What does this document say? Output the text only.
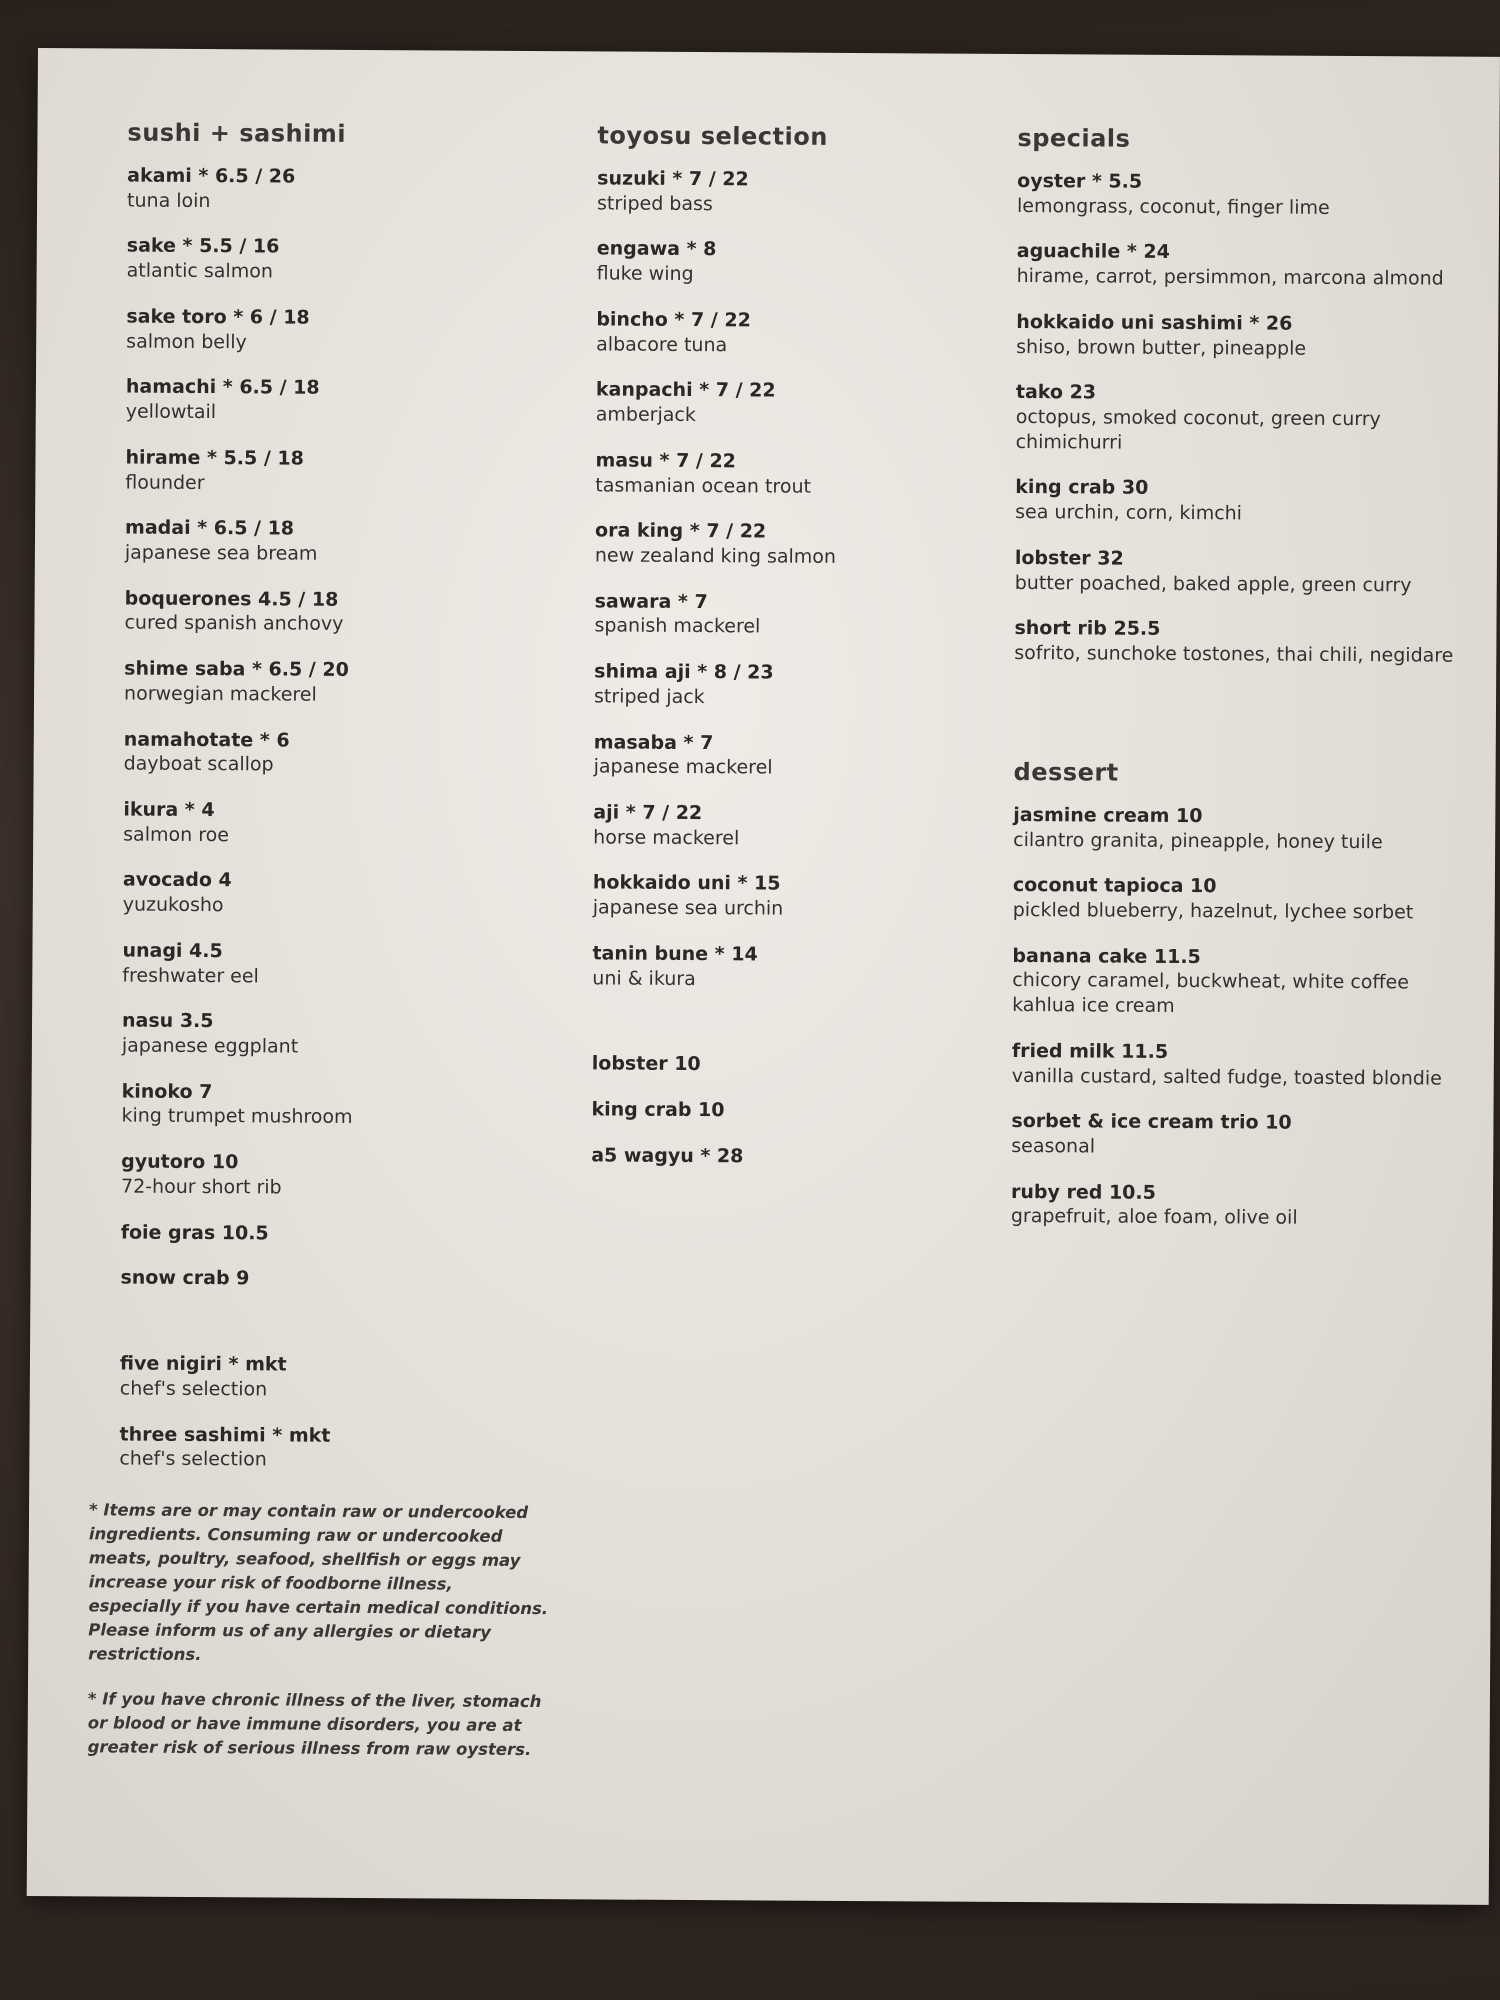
sushi + sashimi
akami * 6.5 / 26
tuna loin
sake * 5.5 / 16
atlantic salmon
sake toro * 6 / 18
salmon belly
hamachi * 6.5 / 18
yellowtail
hirame * 5.5 / 18
flounder
madai * 6.5 / 18
japanese sea bream
boquerones 4.5 / 18
cured spanish anchovy
shime saba * 6.5 / 20
norwegian mackerel
namahotate * 6
dayboat scallop
ikura * 4
salmon roe
avocado 4
yuzukosho
unagi 4.5
freshwater eel
nasu 3.5
japanese eggplant
kinoko 7
king trumpet mushroom
gyutoro 10
72-hour short rib
foie gras 10.5
snow crab 9
five nigiri * mkt
chef's selection
three sashimi * mkt
chef's selection
toyosu selection
suzuki * 7 / 22
striped bass
engawa * 8
fluke wing
bincho * 7 / 22
albacore tuna
kanpachi * 7 / 22
amberjack
masu * 7 / 22
tasmanian ocean trout
ora king * 7 / 22
new zealand king salmon
sawara * 7
spanish mackerel
shima aji * 8 / 23
striped jack
masaba * 7
japanese mackerel
aji * 7 / 22
horse mackerel
hokkaido uni * 15
japanese sea urchin
tanin bune * 14
uni & ikura
lobster 10
king crab 10
a5 wagyu * 28
specials
oyster * 5.5
lemongrass, coconut, finger lime
aguachile * 24
hirame, carrot, persimmon, marcona almond
hokkaido uni sashimi * 26
shiso, brown butter, pineapple
tako 23
octopus, smoked coconut, green curry chimichurri
king crab 30
sea urchin, corn, kimchi
lobster 32
butter poached, baked apple, green curry
short rib 25.5
sofrito, sunchoke tostones, thai chili, negidare
dessert
jasmine cream 10
cilantro granita, pineapple, honey tuile
coconut tapioca 10
pickled blueberry, hazelnut, lychee sorbet
banana cake 11.5
chicory caramel, buckwheat, white coffee kahlua ice cream
fried milk 11.5
vanilla custard, salted fudge, toasted blondie
sorbet & ice cream trio 10
seasonal
ruby red 10.5
grapefruit, aloe foam, olive oil

* Items are or may contain raw or undercooked ingredients. Consuming raw or undercooked meats, poultry, seafood, shellfish or eggs may increase your risk of foodborne illness, especially if you have certain medical conditions. Please inform us of any allergies or dietary restrictions.

* If you have chronic illness of the liver, stomach or blood or have immune disorders, you are at greater risk of serious illness from raw oysters.
